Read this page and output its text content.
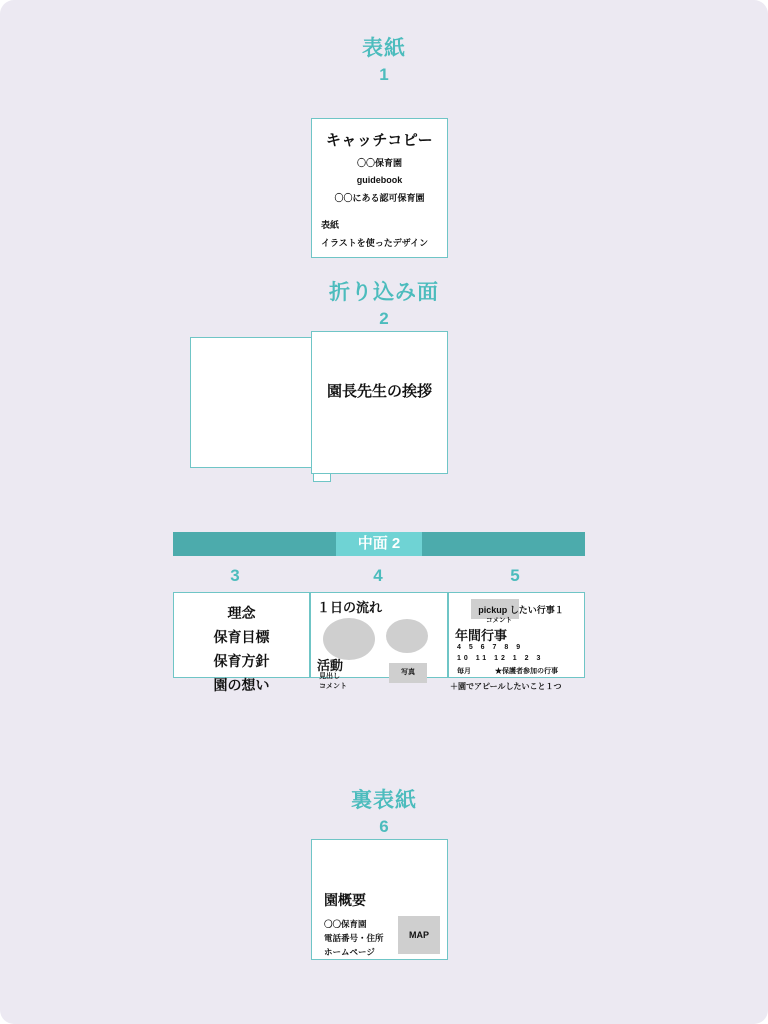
表紙
1
キャッチコピー
〇〇保育園
guidebook
〇〇にある認可保育園
表紙
イラストを使ったデザイン
折り込み面
2
園長先生の挨拶
中面 2
3	4	5
理念
保育目標
保育方針
園の想い
１日の流れ
活動
見出し
コメント
写真
pickup したい行事１
コメント
年間行事
4 5 6 7 8 9
10 11 12 1 2 3
毎月	★保護者参加の行事
＋園でアピールしたいこと１つ
裏表紙
6
園概要
〇〇保育園
電話番号・住所
ホームページ
MAP
